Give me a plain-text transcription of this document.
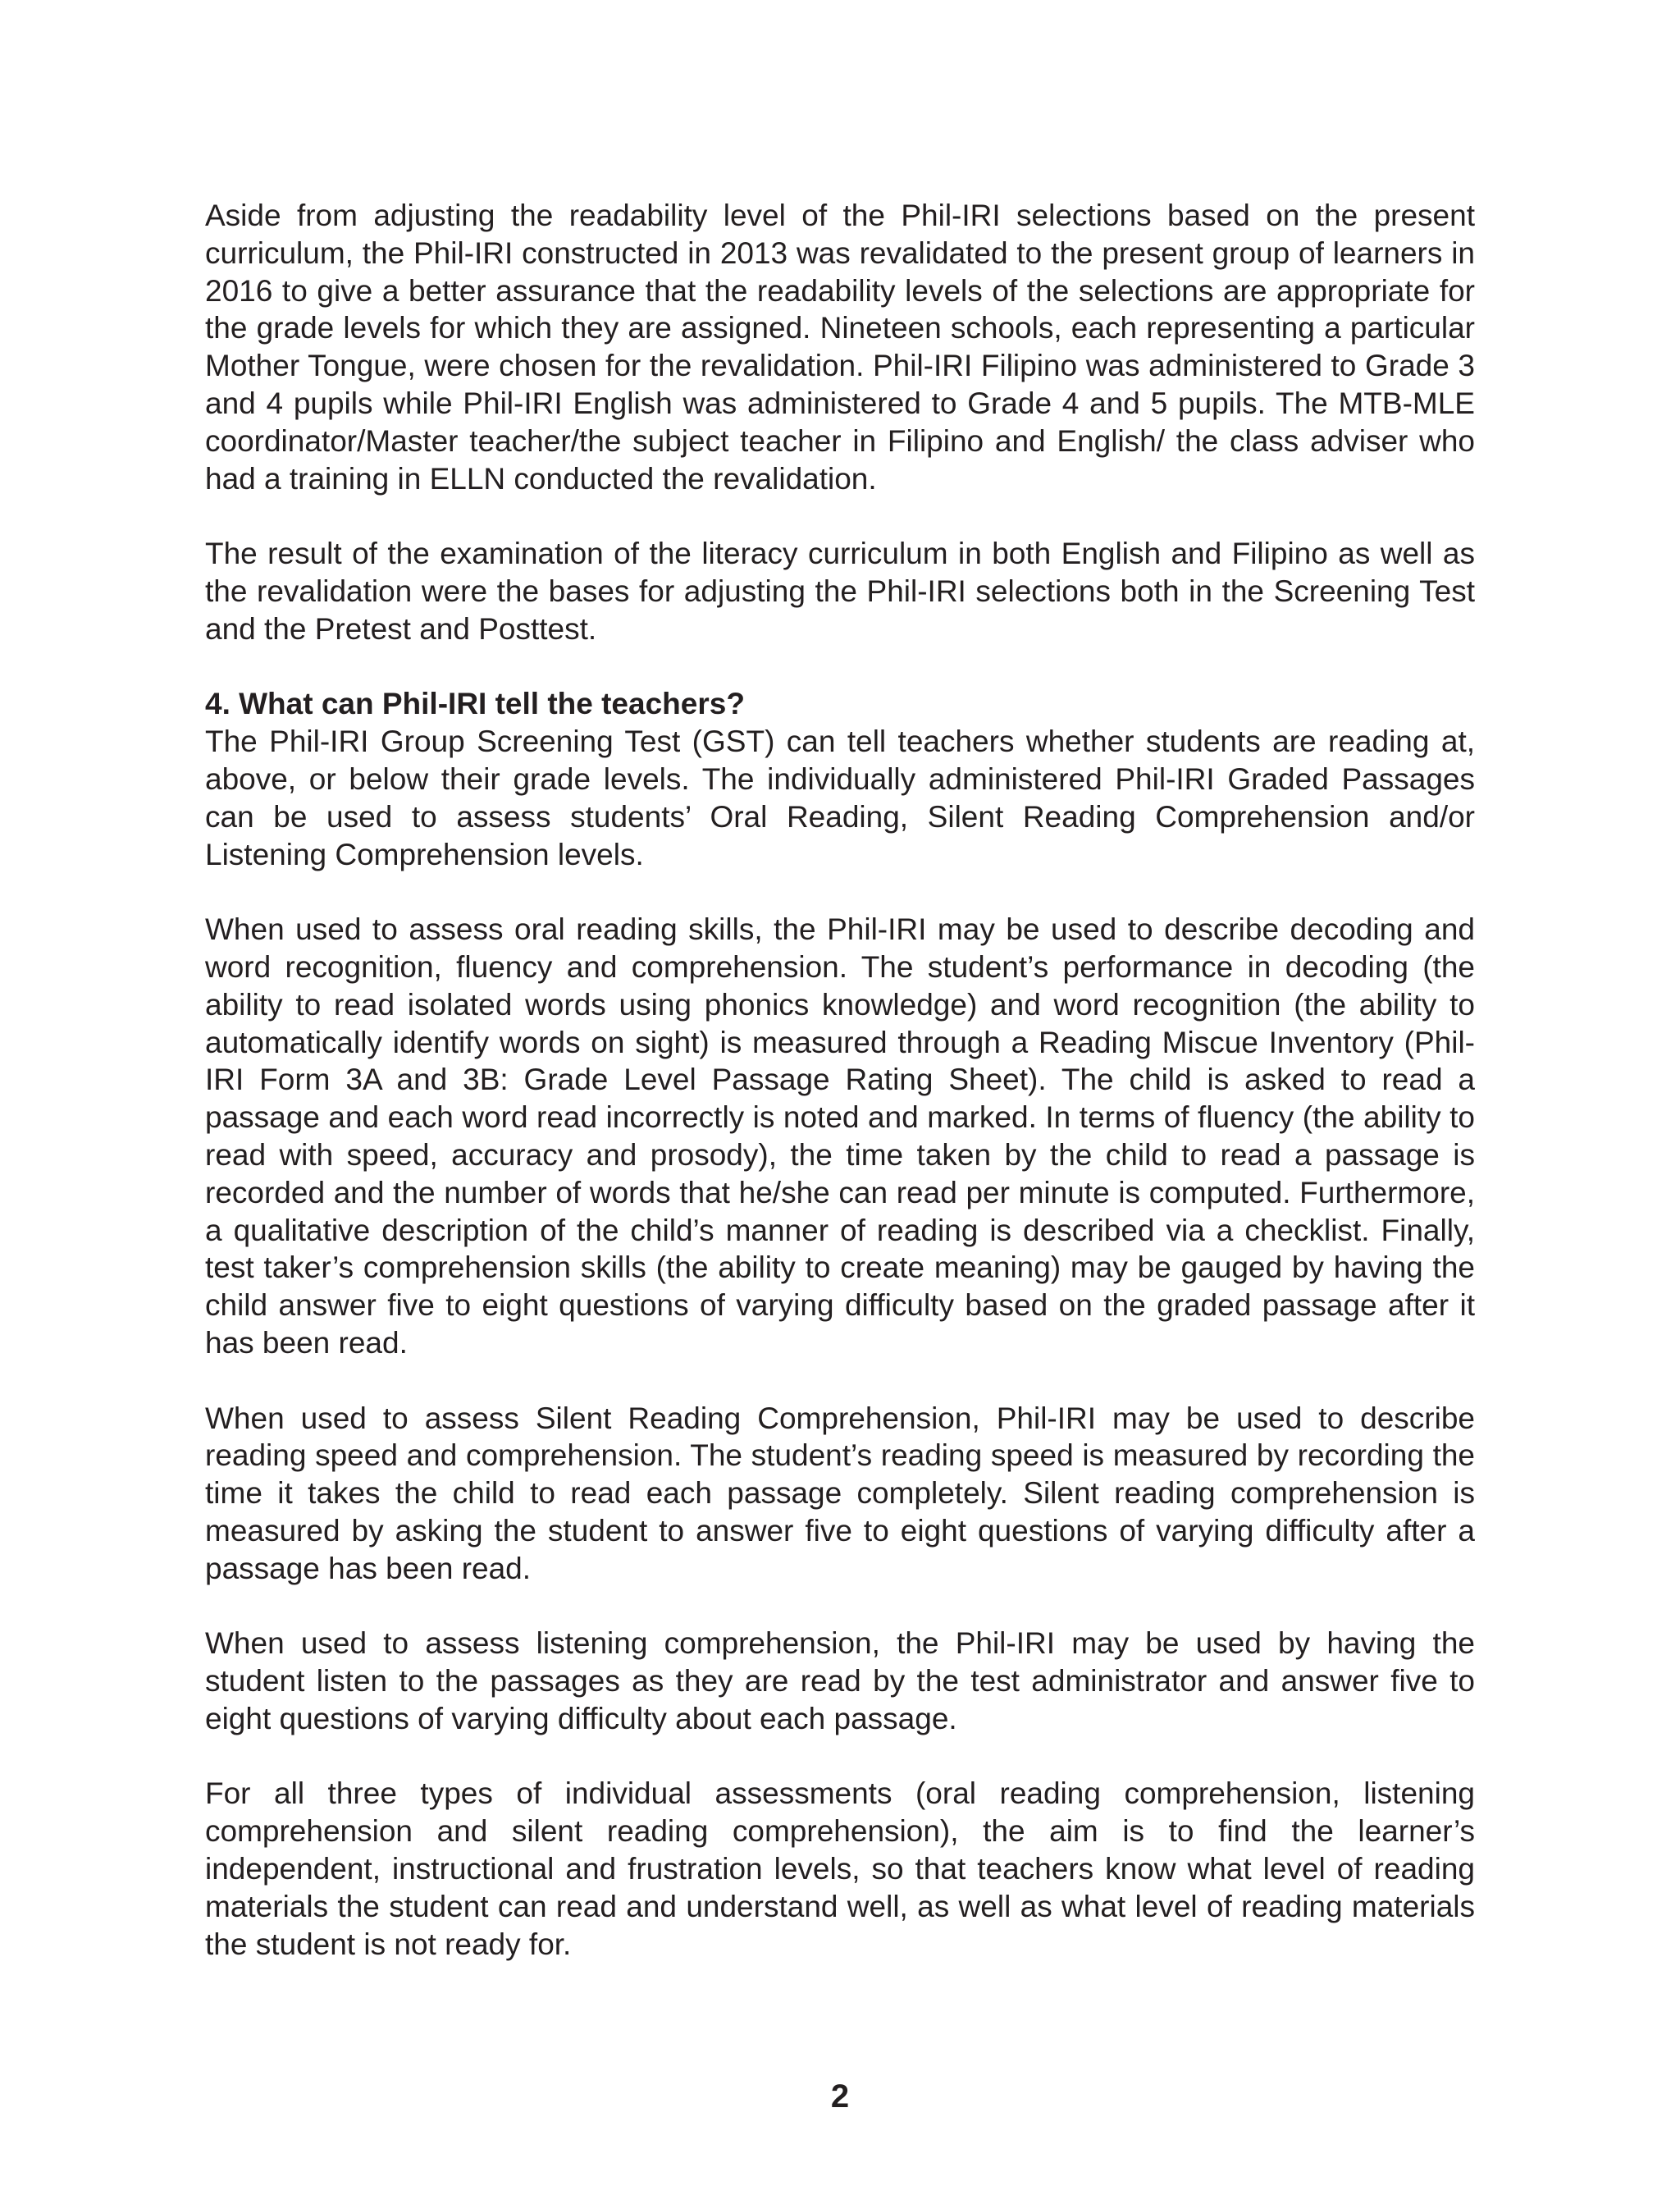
Aside from adjusting the readability level of the Phil-IRI selections based on the present curriculum, the Phil-IRI constructed in 2013 was revalidated to the present group of learners in 2016 to give a better assurance that the readability levels of the selections are appropriate for the grade levels for which they are assigned. Nineteen schools, each representing a particular Mother Tongue, were chosen for the revalidation. Phil-IRI Filipino was administered to Grade 3 and 4 pupils while Phil-IRI English was administered to Grade 4 and 5 pupils. The MTB-MLE coordinator/Master teacher/the subject teacher in Filipino and English/ the class adviser who had a training in ELLN conducted the revalidation.

The result of the examination of the literacy curriculum in both English and Filipino as well as the revalidation were the bases for adjusting the Phil-IRI selections both in the Screening Test and the Pretest and Posttest.

4. What can Phil-IRI tell the teachers?

The Phil-IRI Group Screening Test (GST) can tell teachers whether students are reading at, above, or below their grade levels. The individually administered Phil-IRI Graded Passages can be used to assess students’ Oral Reading, Silent Reading Comprehension and/or Listening Comprehension levels.

When used to assess oral reading skills, the Phil-IRI may be used to describe decoding and word recognition, fluency and comprehension. The student’s performance in decoding (the ability to read isolated words using phonics knowledge) and word recognition (the ability to automatically identify words on sight) is measured through a Reading Miscue Inventory (Phil-IRI Form 3A and 3B: Grade Level Passage Rating Sheet). The child is asked to read a passage and each word read incorrectly is noted and marked. In terms of fluency (the ability to read with speed, accuracy and prosody), the time taken by the child to read a passage is recorded and the number of words that he/she can read per minute is computed. Furthermore, a qualitative description of the child’s manner of reading is described via a checklist. Finally, test taker’s comprehension skills (the ability to create meaning) may be gauged by having the child answer five to eight questions of varying difficulty based on the graded passage after it has been read.

When used to assess Silent Reading Comprehension, Phil-IRI may be used to describe reading speed and comprehension. The student’s reading speed is measured by recording the time it takes the child to read each passage completely. Silent reading comprehension is measured by asking the student to answer five to eight questions of varying difficulty after a passage has been read.

When used to assess listening comprehension, the Phil-IRI may be used by having the student listen to the passages as they are read by the test administrator and answer five to eight questions of varying difficulty about each passage.

For all three types of individual assessments (oral reading comprehension, listening comprehension and silent reading comprehension), the aim is to find the learner’s independent, instructional and frustration levels, so that teachers know what level of reading materials the student can read and understand well, as well as what level of reading materials the student is not ready for.

2
